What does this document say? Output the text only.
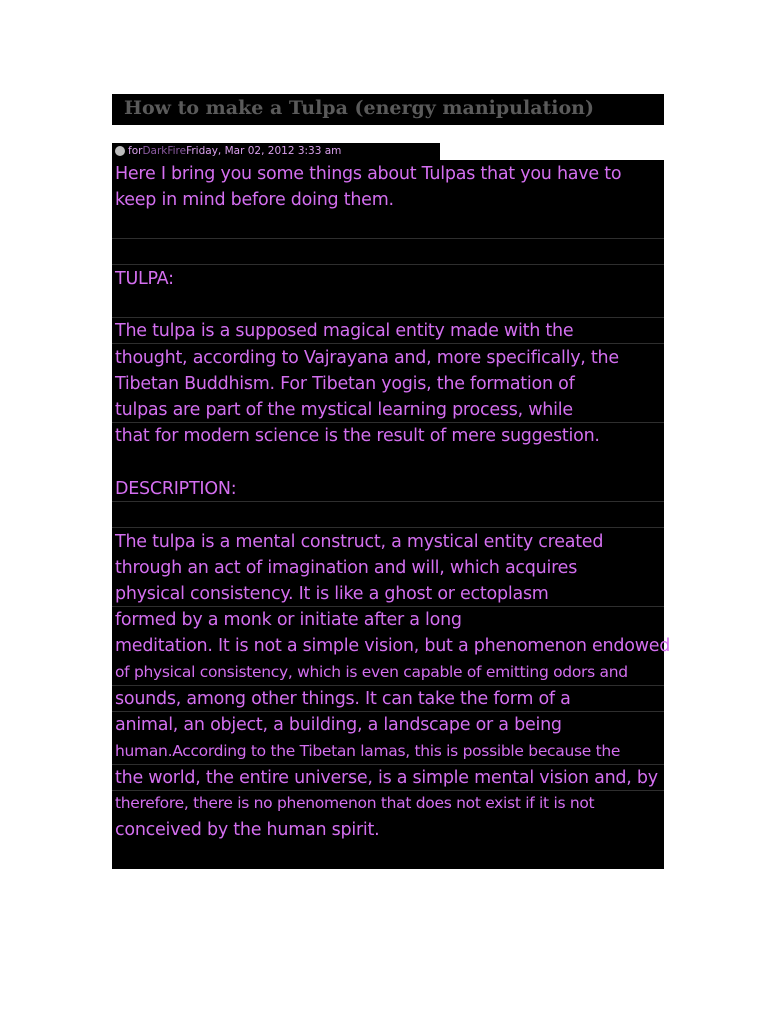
How to make a Tulpa (energy manipulation)
forDarkFireFriday, Mar 02, 2012 3:33 am
Here I bring you some things about Tulpas that you have to
keep in mind before doing them.
TULPA:
The tulpa is a supposed magical entity made with the
thought, according to Vajrayana and, more specifically, the
Tibetan Buddhism. For Tibetan yogis, the formation of
tulpas are part of the mystical learning process, while
that for modern science is the result of mere suggestion.
DESCRIPTION:
The tulpa is a mental construct, a mystical entity created
through an act of imagination and will, which acquires
physical consistency. It is like a ghost or ectoplasm
formed by a monk or initiate after a long
meditation. It is not a simple vision, but a phenomenon endowed
of physical consistency, which is even capable of emitting odors and
sounds, among other things. It can take the form of a
animal, an object, a building, a landscape or a being
human.According to the Tibetan lamas, this is possible because the
the world, the entire universe, is a simple mental vision and, by
therefore, there is no phenomenon that does not exist if it is not
conceived by the human spirit.
